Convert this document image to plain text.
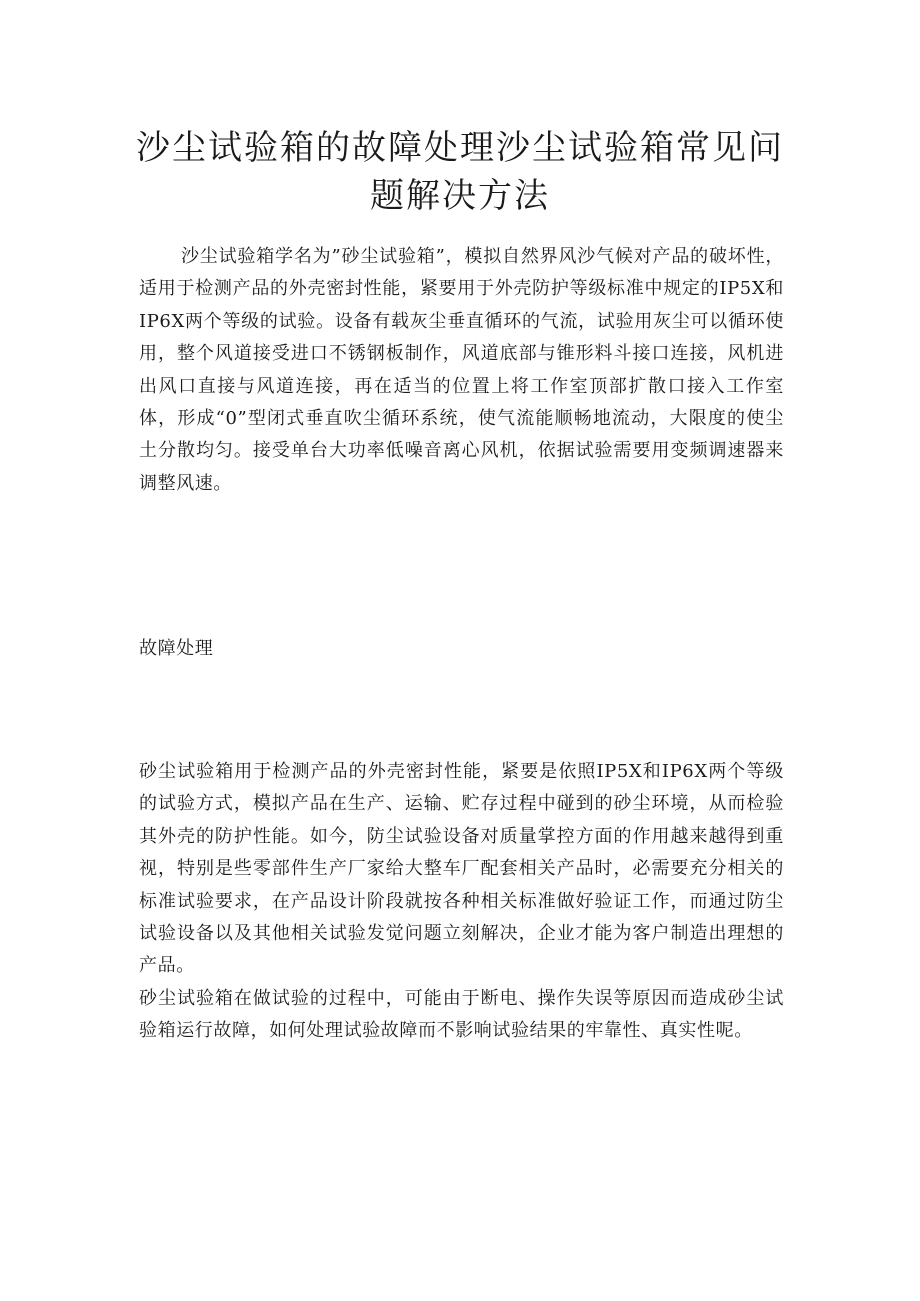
沙尘试验箱的故障处理沙尘试验箱常见问题解决方法

沙尘试验箱学名为”砂尘试验箱”，模拟自然界风沙气候对产品的破坏性，适用于检测产品的外壳密封性能，紧要用于外壳防护等级标准中规定的IP5X和IP6X两个等级的试验。设备有载灰尘垂直循环的气流，试验用灰尘可以循环使用，整个风道接受进口不锈钢板制作，风道底部与锥形料斗接口连接，风机进出风口直接与风道连接，再在适当的位置上将工作室顶部扩散口接入工作室体，形成“0”型闭式垂直吹尘循环系统，使气流能顺畅地流动，大限度的使尘土分散均匀。接受单台大功率低噪音离心风机，依据试验需要用变频调速器来调整风速。

故障处理

砂尘试验箱用于检测产品的外壳密封性能，紧要是依照IP5X和IP6X两个等级的试验方式，模拟产品在生产、运输、贮存过程中碰到的砂尘环境，从而检验其外壳的防护性能。如今，防尘试验设备对质量掌控方面的作用越来越得到重视，特别是些零部件生产厂家给大整车厂配套相关产品时，必需要充分相关的标准试验要求，在产品设计阶段就按各种相关标准做好验证工作，而通过防尘试验设备以及其他相关试验发觉问题立刻解决，企业才能为客户制造出理想的产品。

砂尘试验箱在做试验的过程中，可能由于断电、操作失误等原因而造成砂尘试验箱运行故障，如何处理试验故障而不影响试验结果的牢靠性、真实性呢。
